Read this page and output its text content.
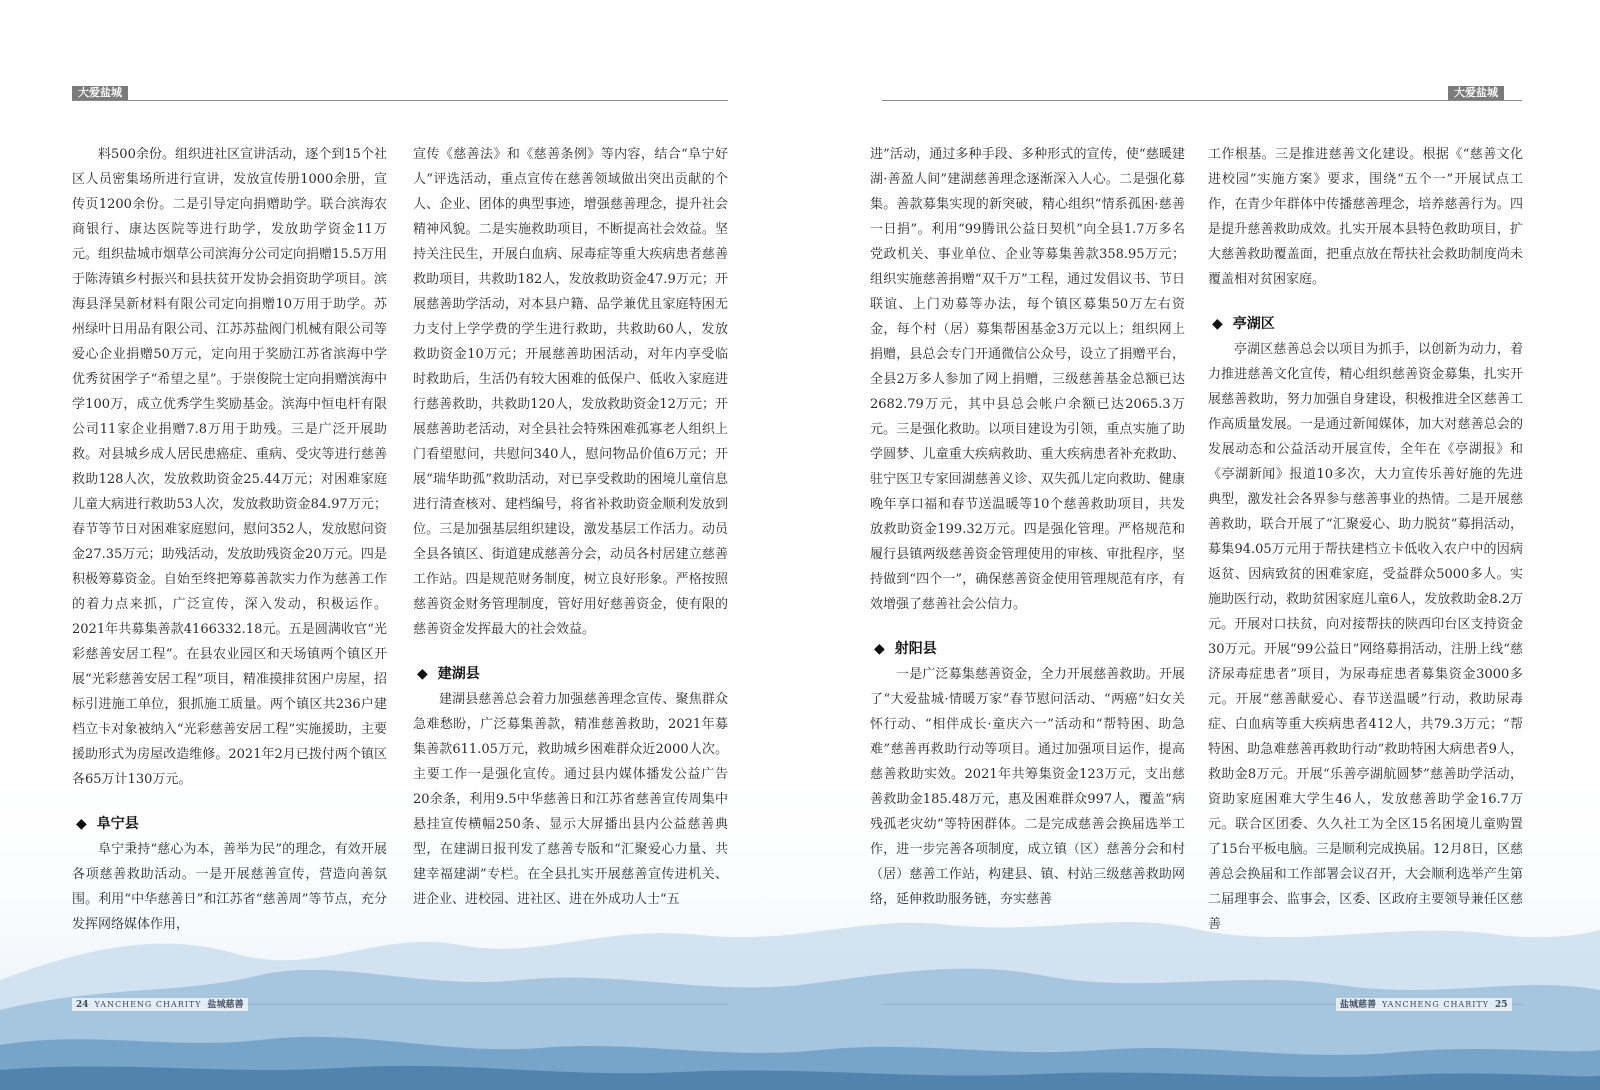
大爱盐城

料500余份。组织进社区宣讲活动，逐个到15个社区人员密集场所进行宣讲，发放宣传册1000余册，宣传页1200余份。二是引导定向捐赠助学。联合滨海农商银行、康达医院等进行助学，发放助学资金11万元。组织盐城市烟草公司滨海分公司定向捐赠15.5万用于陈涛镇乡村振兴和县扶贫开发协会捐资助学项目。滨海县泽昊新材料有限公司定向捐赠10万用于助学。苏州绿叶日用品有限公司、江苏苏盐阀门机械有限公司等爱心企业捐赠50万元，定向用于奖励江苏省滨海中学优秀贫困学子“希望之星”。于崇俊院士定向捐赠滨海中学100万，成立优秀学生奖励基金。滨海中恒电杆有限公司11家企业捐赠7.8万用于助残。三是广泛开展助救。对县城乡成人居民患癌症、重病、受灾等进行慈善救助128人次，发放救助资金25.44万元；对困难家庭儿童大病进行救助53人次，发放救助资金84.97万元；春节等节日对困难家庭慰问，慰问352人，发放慰问资金27.35万元；助残活动，发放助残资金20万元。四是积极筹募资金。自始至终把筹募善款实力作为慈善工作的着力点来抓，广泛宣传，深入发动，积极运作。2021年共募集善款4166332.18元。五是圆满收官“光彩慈善安居工程”。在县农业园区和天场镇两个镇区开展“光彩慈善安居工程”项目，精准摸排贫困户房屋，招标引进施工单位，狠抓施工质量。两个镇区共236户建档立卡对象被纳入“光彩慈善安居工程”实施援助，主要援助形式为房屋改造维修。2021年2月已拨付两个镇区各65万计130万元。

◆ 阜宁县

阜宁秉持“慈心为本，善举为民”的理念，有效开展各项慈善救助活动。一是开展慈善宣传，营造向善氛围。利用“中华慈善日”和江苏省“慈善周”等节点，充分发挥网络媒体作用，

宣传《慈善法》和《慈善条例》等内容，结合“阜宁好人”评选活动，重点宣传在慈善领域做出突出贡献的个人、企业、团体的典型事迹，增强慈善理念，提升社会精神风貌。二是实施救助项目，不断提高社会效益。坚持关注民生，开展白血病、尿毒症等重大疾病患者慈善救助项目，共救助182人，发放救助资金47.9万元；开展慈善助学活动，对本县户籍、品学兼优且家庭特困无力支付上学学费的学生进行救助，共救助60人，发放救助资金10万元；开展慈善助困活动，对年内享受临时救助后，生活仍有较大困难的低保户、低收入家庭进行慈善救助，共救助120人，发放救助资金12万元；开展慈善助老活动，对全县社会特殊困难孤寡老人组织上门看望慰问，共慰问340人，慰问物品价值6万元；开展“瑞华助孤”救助活动，对已享受救助的困境儿童信息进行清查核对、建档编号，将省补救助资金顺利发放到位。三是加强基层组织建设，激发基层工作活力。动员全县各镇区、街道建成慈善分会，动员各村居建立慈善工作站。四是规范财务制度，树立良好形象。严格按照慈善资金财务管理制度，管好用好慈善资金，使有限的慈善资金发挥最大的社会效益。

◆ 建湖县

建湖县慈善总会着力加强慈善理念宣传、聚焦群众急难愁盼，广泛募集善款，精准慈善救助，2021年募集善款611.05万元，救助城乡困难群众近2000人次。主要工作一是强化宣传。通过县内媒体播发公益广告20余条，利用9.5中华慈善日和江苏省慈善宣传周集中悬挂宣传横幅250条、显示大屏播出县内公益慈善典型，在建湖日报刊发了慈善专版和“汇聚爱心力量、共建幸福建湖”专栏。在全县扎实开展慈善宣传进机关、进企业、进校园、进社区、进在外成功人士“五

24 YANCHENG CHARITY 盐城慈善
大爱盐城

进”活动，通过多种手段、多种形式的宣传，使“慈暖建湖·善盈人间”建湖慈善理念逐渐深入人心。二是强化募集。善款募集实现的新突破，精心组织“情系孤困·慈善一日捐”。利用“99腾讯公益日契机”向全县1.7万多名党政机关、事业单位、企业等募集善款358.95万元；组织实施慈善捐赠“双千万”工程，通过发倡议书、节日联谊、上门劝募等办法，每个镇区募集50万左右资金，每个村（居）募集帮困基金3万元以上；组织网上捐赠，县总会专门开通微信公众号，设立了捐赠平台，全县2万多人参加了网上捐赠，三级慈善基金总额已达2682.79万元，其中县总会帐户余额已达2065.3万元。三是强化救助。以项目建设为引领，重点实施了助学圆梦、儿童重大疾病救助、重大疾病患者补充救助、驻宁医卫专家回湖慈善义诊、双失孤儿定向救助、健康晚年享口福和春节送温暖等10个慈善救助项目，共发放救助资金199.32万元。四是强化管理。严格规范和履行县镇两级慈善资金管理使用的审核、审批程序，坚持做到“四个一”，确保慈善资金使用管理规范有序，有效增强了慈善社会公信力。

◆ 射阳县

一是广泛募集慈善资金，全力开展慈善救助。开展了“大爱盐城·情暖万家”春节慰问活动、“两癌”妇女关怀行动、“相伴成长·童庆六一”活动和“帮特困、助急难”慈善再救助行动等项目。通过加强项目运作，提高慈善救助实效。2021年共筹集资金123万元，支出慈善救助金185.48万元，惠及困难群众997人，覆盖“病残孤老灾幼”等特困群体。二是完成慈善会换届选举工作，进一步完善各项制度，成立镇（区）慈善分会和村（居）慈善工作站，构建县、镇、村站三级慈善救助网络，延伸救助服务链，夯实慈善

工作根基。三是推进慈善文化建设。根据《“慈善文化进校园”实施方案》要求，围绕“五个一”开展试点工作，在青少年群体中传播慈善理念，培养慈善行为。四是提升慈善救助成效。扎实开展本县特色救助项目，扩大慈善救助覆盖面，把重点放在帮扶社会救助制度尚未覆盖相对贫困家庭。

◆ 亭湖区

亭湖区慈善总会以项目为抓手，以创新为动力，着力推进慈善文化宣传，精心组织慈善资金募集，扎实开展慈善救助，努力加强自身建设，积极推进全区慈善工作高质量发展。一是通过新闻媒体，加大对慈善总会的发展动态和公益活动开展宣传，全年在《亭湖报》和《亭湖新闻》报道10多次，大力宣传乐善好施的先进典型，激发社会各界参与慈善事业的热情。二是开展慈善救助，联合开展了“汇聚爱心、助力脱贫”募捐活动，募集94.05万元用于帮扶建档立卡低收入农户中的因病返贫、因病致贫的困难家庭，受益群众5000多人。实施助医行动，救助贫困家庭儿童6人，发放救助金8.2万元。开展对口扶贫，向对接帮扶的陕西印台区支持资金30万元。开展“99公益日”网络募捐活动，注册上线“慈济尿毒症患者”项目，为尿毒症患者募集资金3000多元。开展“慈善献爱心、春节送温暖”行动，救助尿毒症、白血病等重大疾病患者412人，共79.3万元；“帮特困、助急难慈善再救助行动”救助特困大病患者9人，救助金8万元。开展“乐善亭湖航圆梦”慈善助学活动，资助家庭困难大学生46人，发放慈善助学金16.7万元。联合区团委、久久社工为全区15名困境儿童购置了15台平板电脑。三是顺利完成换届。12月8日，区慈善总会换届和工作部署会议召开，大会顺利选举产生第二届理事会、监事会，区委、区政府主要领导兼任区慈善

盐城慈善 YANCHENG CHARITY 25
